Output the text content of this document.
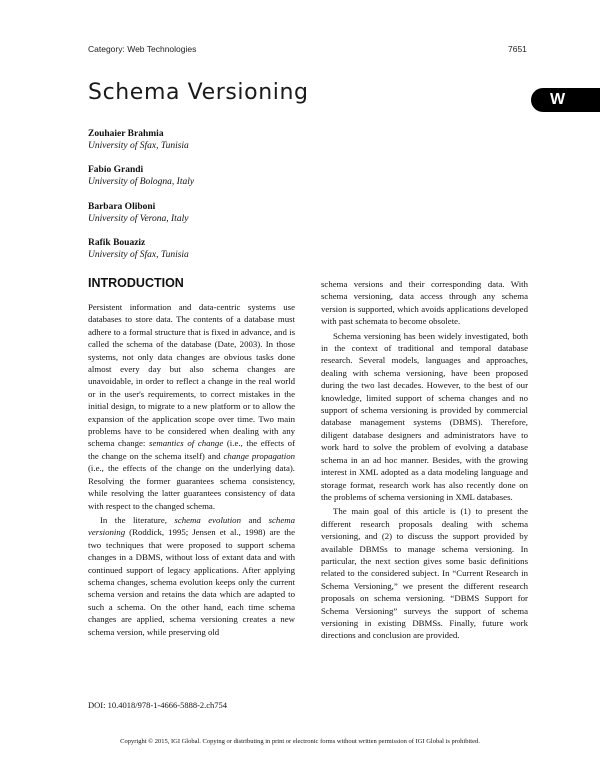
Category: Web Technologies	7651
Schema Versioning	W
Zouhaier Brahmia
University of Sfax, Tunisia
Fabio Grandi
University of Bologna, Italy
Barbara Oliboni
University of Verona, Italy
Rafik Bouaziz
University of Sfax, Tunisia
INTRODUCTION

Persistent information and data-centric systems use databases to store data. The contents of a database must adhere to a formal structure that is fixed in advance, and is called the schema of the database (Date, 2003). In those systems, not only data changes are obvious tasks done almost every day but also schema changes are unavoidable, in order to reflect a change in the real world or in the user's requirements, to correct mistakes in the initial design, to migrate to a new platform or to allow the expansion of the application scope over time. Two main problems have to be considered when dealing with any schema change: semantics of change (i.e., the effects of the change on the schema itself) and change propagation (i.e., the effects of the change on the underlying data). Resolving the former guarantees schema consistency, while resolving the latter guarantees consistency of data with respect to the changed schema.

In the literature, schema evolution and schema versioning (Roddick, 1995; Jensen et al., 1998) are the two techniques that were proposed to support schema changes in a DBMS, without loss of extant data and with continued support of legacy applications. After applying schema changes, schema evolution keeps only the current schema version and retains the data which are adapted to such a schema. On the other hand, each time schema changes are applied, schema versioning creates a new schema version, while preserving old

schema versions and their corresponding data. With schema versioning, data access through any schema version is supported, which avoids applications developed with past schemata to become obsolete.

Schema versioning has been widely investigated, both in the context of traditional and temporal database research. Several models, languages and approaches, dealing with schema versioning, have been proposed during the two last decades. However, to the best of our knowledge, limited support of schema changes and no support of schema versioning is provided by commercial database management systems (DBMS). Therefore, diligent database designers and administrators have to work hard to solve the problem of evolving a database schema in an ad hoc manner. Besides, with the growing interest in XML adopted as a data modeling language and storage format, research work has also recently done on the problems of schema versioning in XML databases.

The main goal of this article is (1) to present the different research proposals dealing with schema versioning, and (2) to discuss the support provided by available DBMSs to manage schema versioning. In particular, the next section gives some basic definitions related to the considered subject. In “Current Research in Schema Versioning,” we present the different research proposals on schema versioning. “DBMS Support for Schema Versioning” surveys the support of schema versioning in existing DBMSs. Finally, future work directions and conclusion are provided.

DOI: 10.4018/978-1-4666-5888-2.ch754
Copyright © 2015, IGI Global. Copying or distributing in print or electronic forms without written permission of IGI Global is prohibited.
